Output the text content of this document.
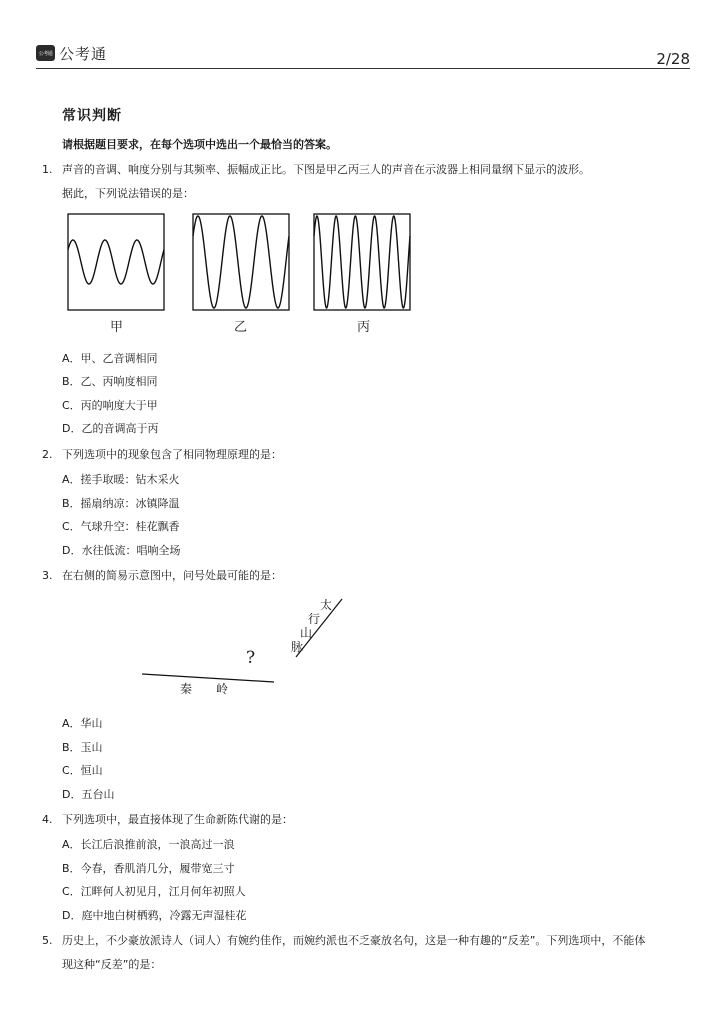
公考通 公考通	2/28
常识判断
请根据题目要求，在每个选项中选出一个最恰当的答案。
1. 声音的音调、响度分别与其频率、振幅成正比。下图是甲乙丙三人的声音在示波器上相同量纲下显示的波形。
据此，下列说法错误的是：
甲	乙	丙
A．甲、乙音调相同
B．乙、丙响度相同
C．丙的响度大于甲
D．乙的音调高于丙
2. 下列选项中的现象包含了相同物理原理的是：
A．搓手取暖：钻木采火
B．摇扇纳凉：冰镇降温
C．气球升空：桂花飘香
D．水往低流：唱响全场
3. 在右侧的简易示意图中，问号处最可能的是：
太
行
山
脉
?
秦　　岭
A．华山
B．玉山
C．恒山
D．五台山
4. 下列选项中，最直接体现了生命新陈代谢的是：
A．长江后浪推前浪，一浪高过一浪
B．今春，香肌消几分，履带宽三寸
C．江畔何人初见月，江月何年初照人
D．庭中地白树栖鸦，冷露无声湿桂花
5. 历史上，不少豪放派诗人（词人）有婉约佳作，而婉约派也不乏豪放名句，这是一种有趣的“反差”。下列选项中，不能体
现这种“反差”的是：
